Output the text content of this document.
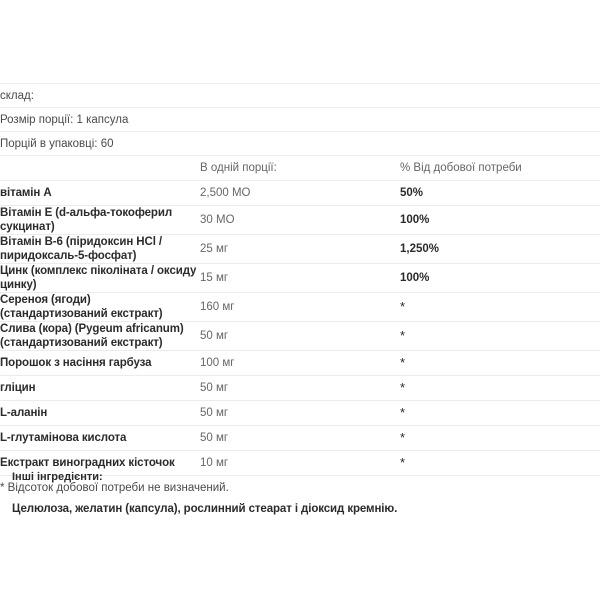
склад:		
Розмір порції: 1 капсула		
Порцій в упаковці: 60		
	В одній порції:	% Від добової потреби
вітамін A	2,500 МО	50%
Вітамін E (d-альфа-токоферил сукцинат)	30 МО	100%
Вітамін B-6 (піридоксин HCl / пиридоксаль-5-фосфат)	25 мг	1,250%
Цинк (комплекс піколіната / оксиду цинку)	15 мг	100%
Сереноя (ягоди) (стандартизований екстракт)	160 мг	*
Слива (кора) (Pygeum africanum) (стандартизований екстракт)	50 мг	*
Порошок з насіння гарбуза	100 мг	*
гліцин	50 мг	*
L-аланін	50 мг	*
L-глутамінова кислота	50 мг	*
Екстракт виноградних кісточок	10 мг	*
* Відсоток добової потреби не визначений.		

Інші інгредієнти:

Целюлоза, желатин (капсула), рослинний стеарат і діоксид кремнію.
